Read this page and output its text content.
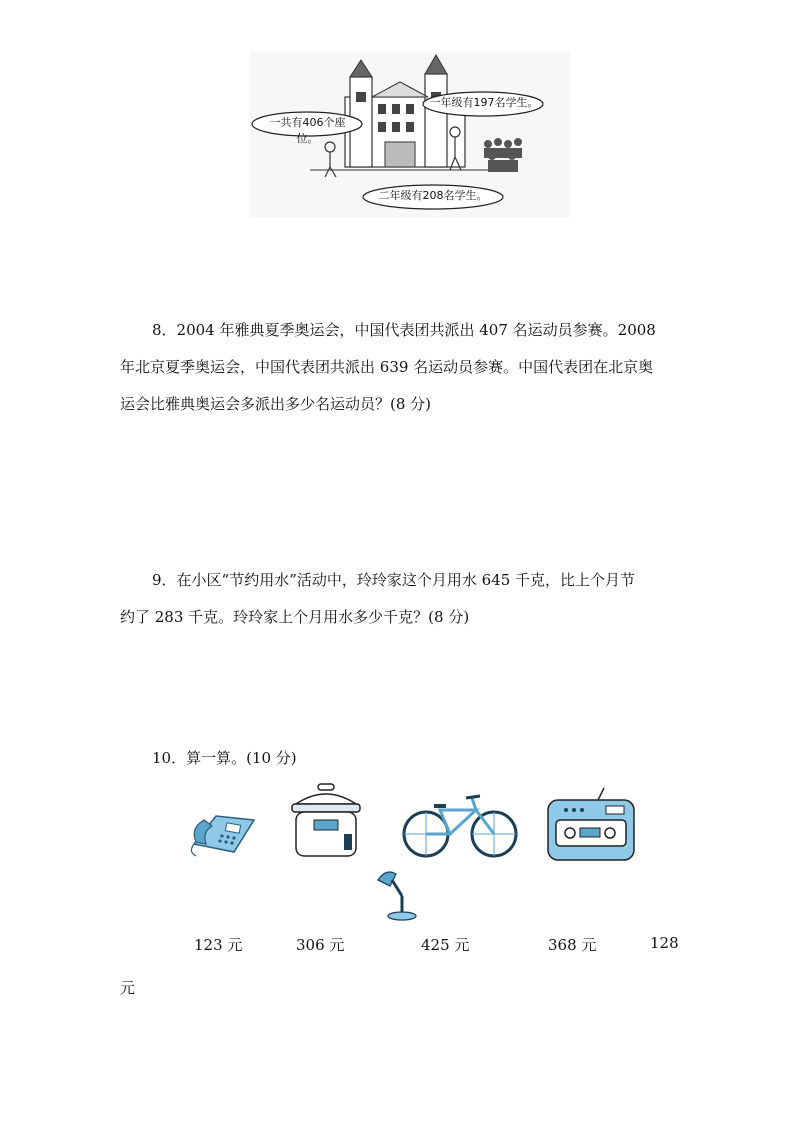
一共有406个座位。
一年级有197名学生。
二年级有208名学生。

8．2004 年雅典夏季奥运会，中国代表团共派出 407 名运动员参赛。2008

年北京夏季奥运会，中国代表团共派出 639 名运动员参赛。中国代表团在北京奥

运会比雅典奥运会多派出多少名运动员？(8 分)

9．在小区“节约用水”活动中，玲玲家这个月用水 645 千克，比上个月节

约了 283 千克。玲玲家上个月用水多少千克？(8 分)

10．算一算。(10 分)

123 元	306 元	425 元	368 元	128
元
